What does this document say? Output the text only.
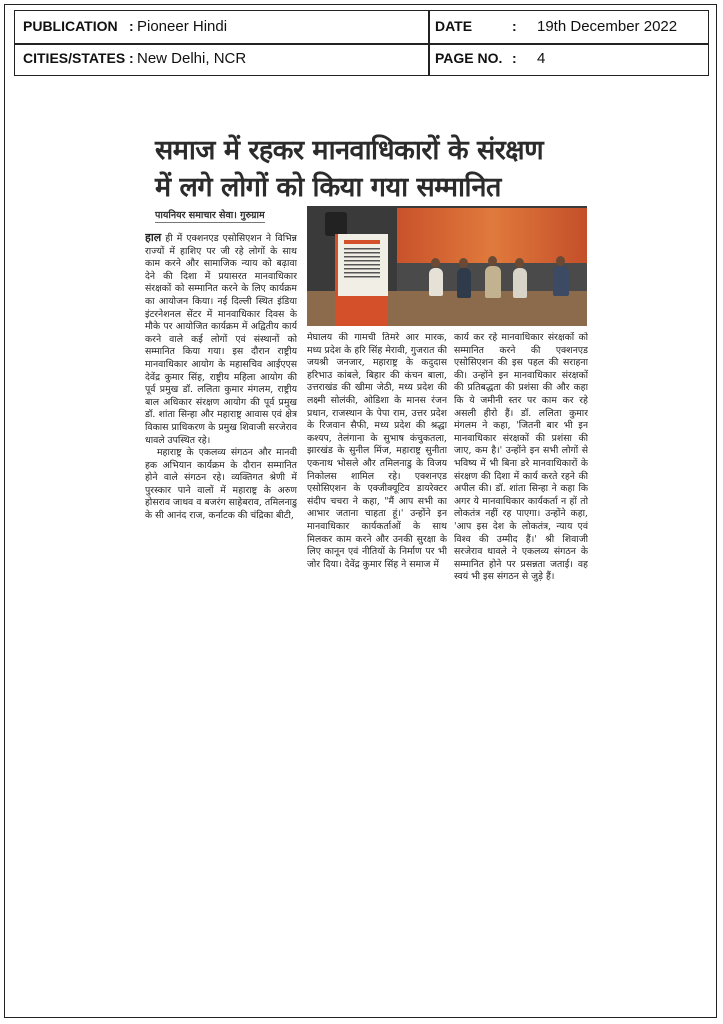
PUBLICATION : Pioneer Hindi	DATE	: 19th December 2022
CITIES/STATES : New Delhi, NCR	PAGE NO. : 4
समाज में रहकर मानवाधिकारों के संरक्षण
में लगे लोगों को किया गया सम्मानित
पायनियर समाचार सेवा। गुरुग्राम

हाल ही में एक्शनएड एसोसिएशन ने विभिन्न राज्यों में हाशिए पर जी रहे लोगों के साथ काम करने और सामाजिक न्याय को बढ़ावा देने की दिशा में प्रयासरत मानवाधिकार संरक्षकों को सम्मानित करने के लिए कार्यक्रम का आयोजन किया। नई दिल्ली स्थित इंडिया इंटरनेशनल सेंटर में मानवाधिकार दिवस के मौके पर आयोजित कार्यक्रम में अद्वितीय कार्य करने वाले कई लोगों एवं संस्थानों को सम्मानित किया गया। इस दौरान राष्ट्रीय मानवाधिकार आयोग के महासचिव आईएएस देवेंद्र कुमार सिंह, राष्ट्रीय महिला आयोग की पूर्व प्रमुख डॉ. ललिता कुमार मंगलम, राष्ट्रीय बाल अधिकार संरक्षण आयोग की पूर्व प्रमुख डॉ. शांता सिन्हा और महाराष्ट्र आवास एवं क्षेत्र विकास प्राधिकरण के प्रमुख शिवाजी सरजेराव धावले उपस्थित रहे।

महाराष्ट्र के एकलव्य संगठन और मानवी हक अभियान कार्यक्रम के दौरान सम्मानित होने वाले संगठन रहे। व्यक्तिगत श्रेणी में पुरस्कार पाने वालों में महाराष्ट्र के अरुण होसराव जाधव व बजरंग साहेबराव, तमिलनाडु के सी आनंद राज, कर्नाटक की चंद्रिका बीटी,

मेघालय की गामची तिमरे आर मारक, मध्य प्रदेश के हरि सिंह मेरावी, गुजरात की जयश्री जनजार, महाराष्ट्र के कदुदास हरिभाउ कांबले, बिहार की कंचन बाला, उत्तराखंड की खीमा जेठी, मध्य प्रदेश की लक्ष्मी सोलंकी, ओडिशा के मानस रंजन प्रधान, राजस्थान के पेपा राम, उत्तर प्रदेश के रिजवान सैफी, मध्य प्रदेश की श्रद्धा कश्यप, तेलंगाना के सुभाष कंचुकतला, झारखंड के सुनील मिंज, महाराष्ट्र सुनीता एकनाथ भोसले और तमिलनाडु के विजय निकोलस शामिल रहे। एक्शनएड एसोसिएशन के एक्जीक्यूटिव डायरेक्टर संदीप चचरा ने कहा, "मैं आप सभी का आभार जताना चाहता हूं।' उन्होंने इन मानवाधिकार कार्यकर्ताओं के साथ मिलकर काम करने और उनकी सुरक्षा के लिए कानून एवं नीतियों के निर्माण पर भी जोर दिया। देवेंद्र कुमार सिंह ने समाज में

कार्य कर रहे मानवाधिकार संरक्षकों को सम्मानित करने की एक्शनएड एसोसिएशन की इस पहल की सराहना की। उन्होंने इन मानवाधिकार संरक्षकों की प्रतिबद्धता की प्रशंसा की और कहा कि ये जमीनी स्तर पर काम कर रहे असली हीरो हैं। डॉ. ललिता कुमार मंगलम ने कहा, 'जितनी बार भी इन मानवाधिकार संरक्षकों की प्रशंसा की जाए, कम है।' उन्होंने इन सभी लोगों से भविष्य में भी बिना डरे मानवाधिकारों के संरक्षण की दिशा में कार्य करते रहने की अपील की। डॉ. शांता सिन्हा ने कहा कि अगर ये मानवाधिकार कार्यकर्ता न हों तो लोकतंत्र नहीं रह पाएगा। उन्होंने कहा, 'आप इस देश के लोकतंत्र, न्याय एवं विश्व की उम्मीद हैं।' श्री शिवाजी सरजेराव धावले ने एकलव्य संगठन के सम्मानित होने पर प्रसन्नता जताई। वह स्वयं भी इस संगठन से जुड़े हैं।
